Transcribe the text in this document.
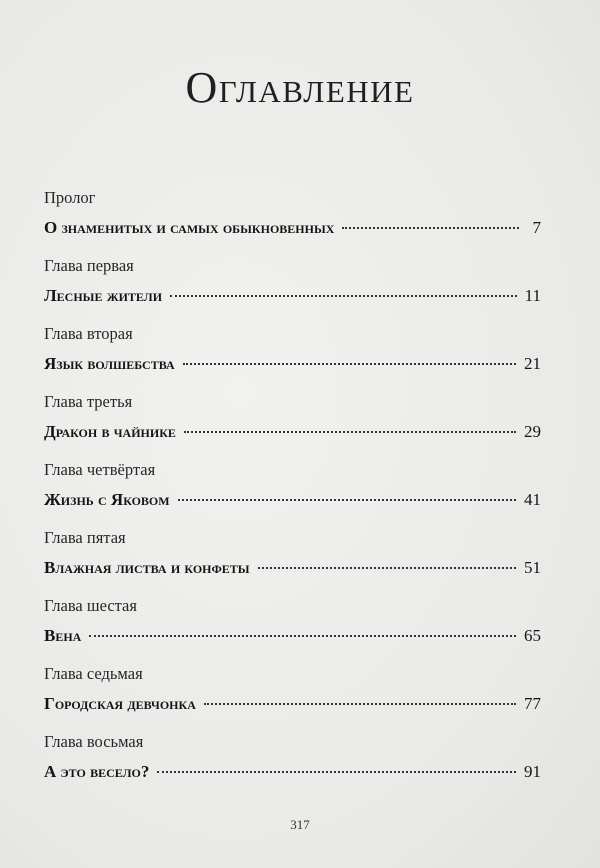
Оглавление
Пролог
О знаменитых и самых обыкновенных	7
Глава первая
Лесные жители	11
Глава вторая
Язык волшебства	21
Глава третья
Дракон в чайнике	29
Глава четвёртая
Жизнь с Яковом	41
Глава пятая
Влажная листва и конфеты	51
Глава шестая
Вена	65
Глава седьмая
Городская девчонка	77
Глава восьмая
А это весело?	91
317
